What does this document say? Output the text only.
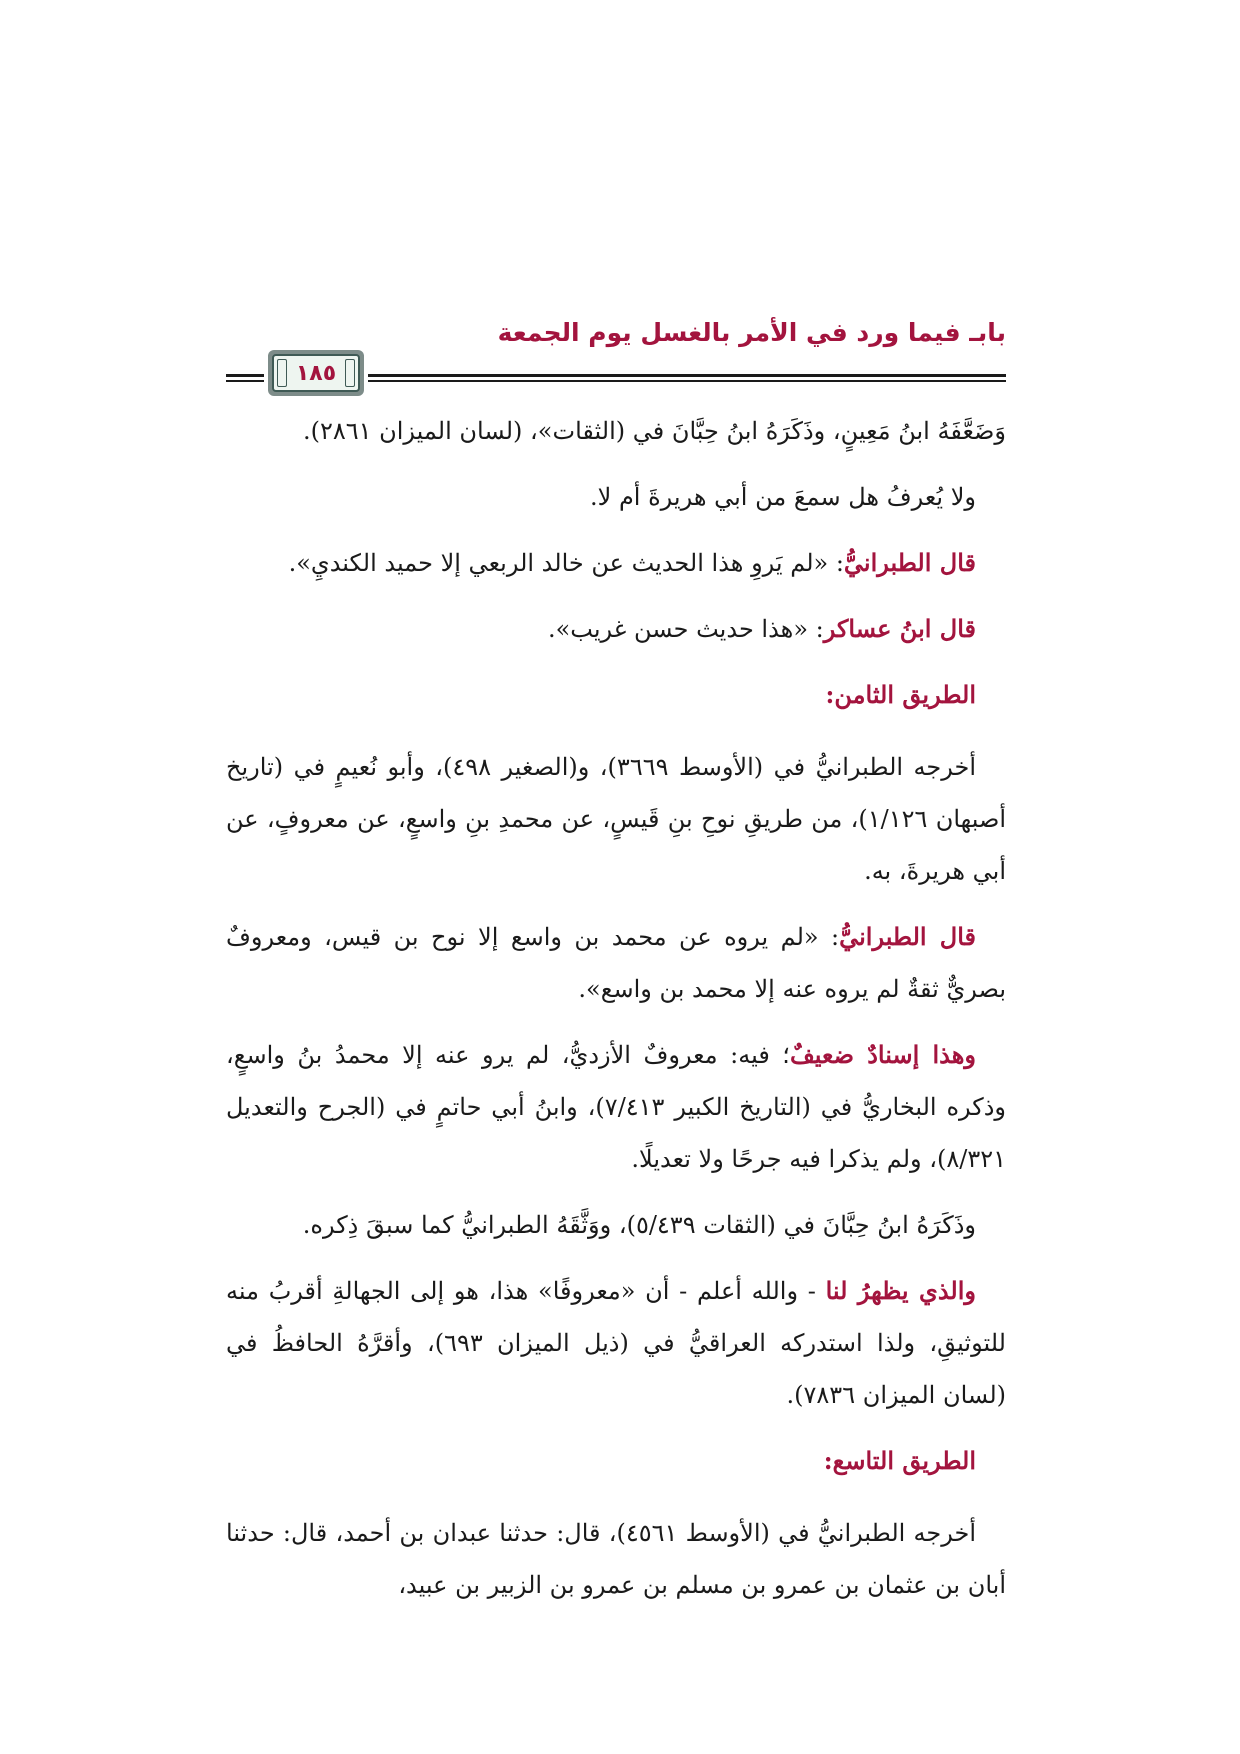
بابـ فيما ورد في الأمر بالغسل يوم الجمعة
١٨٥

وَضَعَّفَهُ ابنُ مَعِينٍ، وذَكَرَهُ ابنُ حِبَّانَ في (الثقات»، (لسان الميزان ٢٨٦١).

ولا يُعرفُ هل سمعَ من أبي هريرةَ أم لا.

قال الطبرانيُّ: «لم يَروِ هذا الحديث عن خالد الربعي إلا حميد الكنديِ».

قال ابنُ عساكر: «هذا حديث حسن غريب».

الطريق الثامن:

أخرجه الطبرانيُّ في (الأوسط ٣٦٦٩)، و(الصغير ٤٩٨)، وأبو نُعيمٍ في (تاريخ أصبهان ١/١٢٦)، من طريقِ نوحِ بنِ قَيسٍ، عن محمدِ بنِ واسعٍ، عن معروفٍ، عن أبي هريرةَ، به.

قال الطبرانيُّ: «لم يروه عن محمد بن واسع إلا نوح بن قيس، ومعروفٌ بصريٌّ ثقةٌ لم يروه عنه إلا محمد بن واسع».

وهذا إسنادٌ ضعيفٌ؛ فيه: معروفٌ الأزديُّ، لم يرو عنه إلا محمدُ بنُ واسعٍ، وذكره البخاريُّ في (التاريخ الكبير ٧/٤١٣)، وابنُ أبي حاتمٍ في (الجرح والتعديل ٨/٣٢١)، ولم يذكرا فيه جرحًا ولا تعديلًا.

وذَكَرَهُ ابنُ حِبَّانَ في (الثقات ٥/٤٣٩)، ووَثَّقَهُ الطبرانيُّ كما سبقَ ذِكره.

والذي يظهرُ لنا - والله أعلم - أن «معروفًا» هذا، هو إلى الجهالةِ أقربُ منه للتوثيقِ، ولذا استدركه العراقيُّ في (ذيل الميزان ٦٩٣)، وأقرَّهُ الحافظُ في (لسان الميزان ٧٨٣٦).

الطريق التاسع:

أخرجه الطبرانيُّ في (الأوسط ٤٥٦١)، قال: حدثنا عبدان بن أحمد، قال: حدثنا أبان بن عثمان بن عمرو بن مسلم بن عمرو بن الزبير بن عبيد،
